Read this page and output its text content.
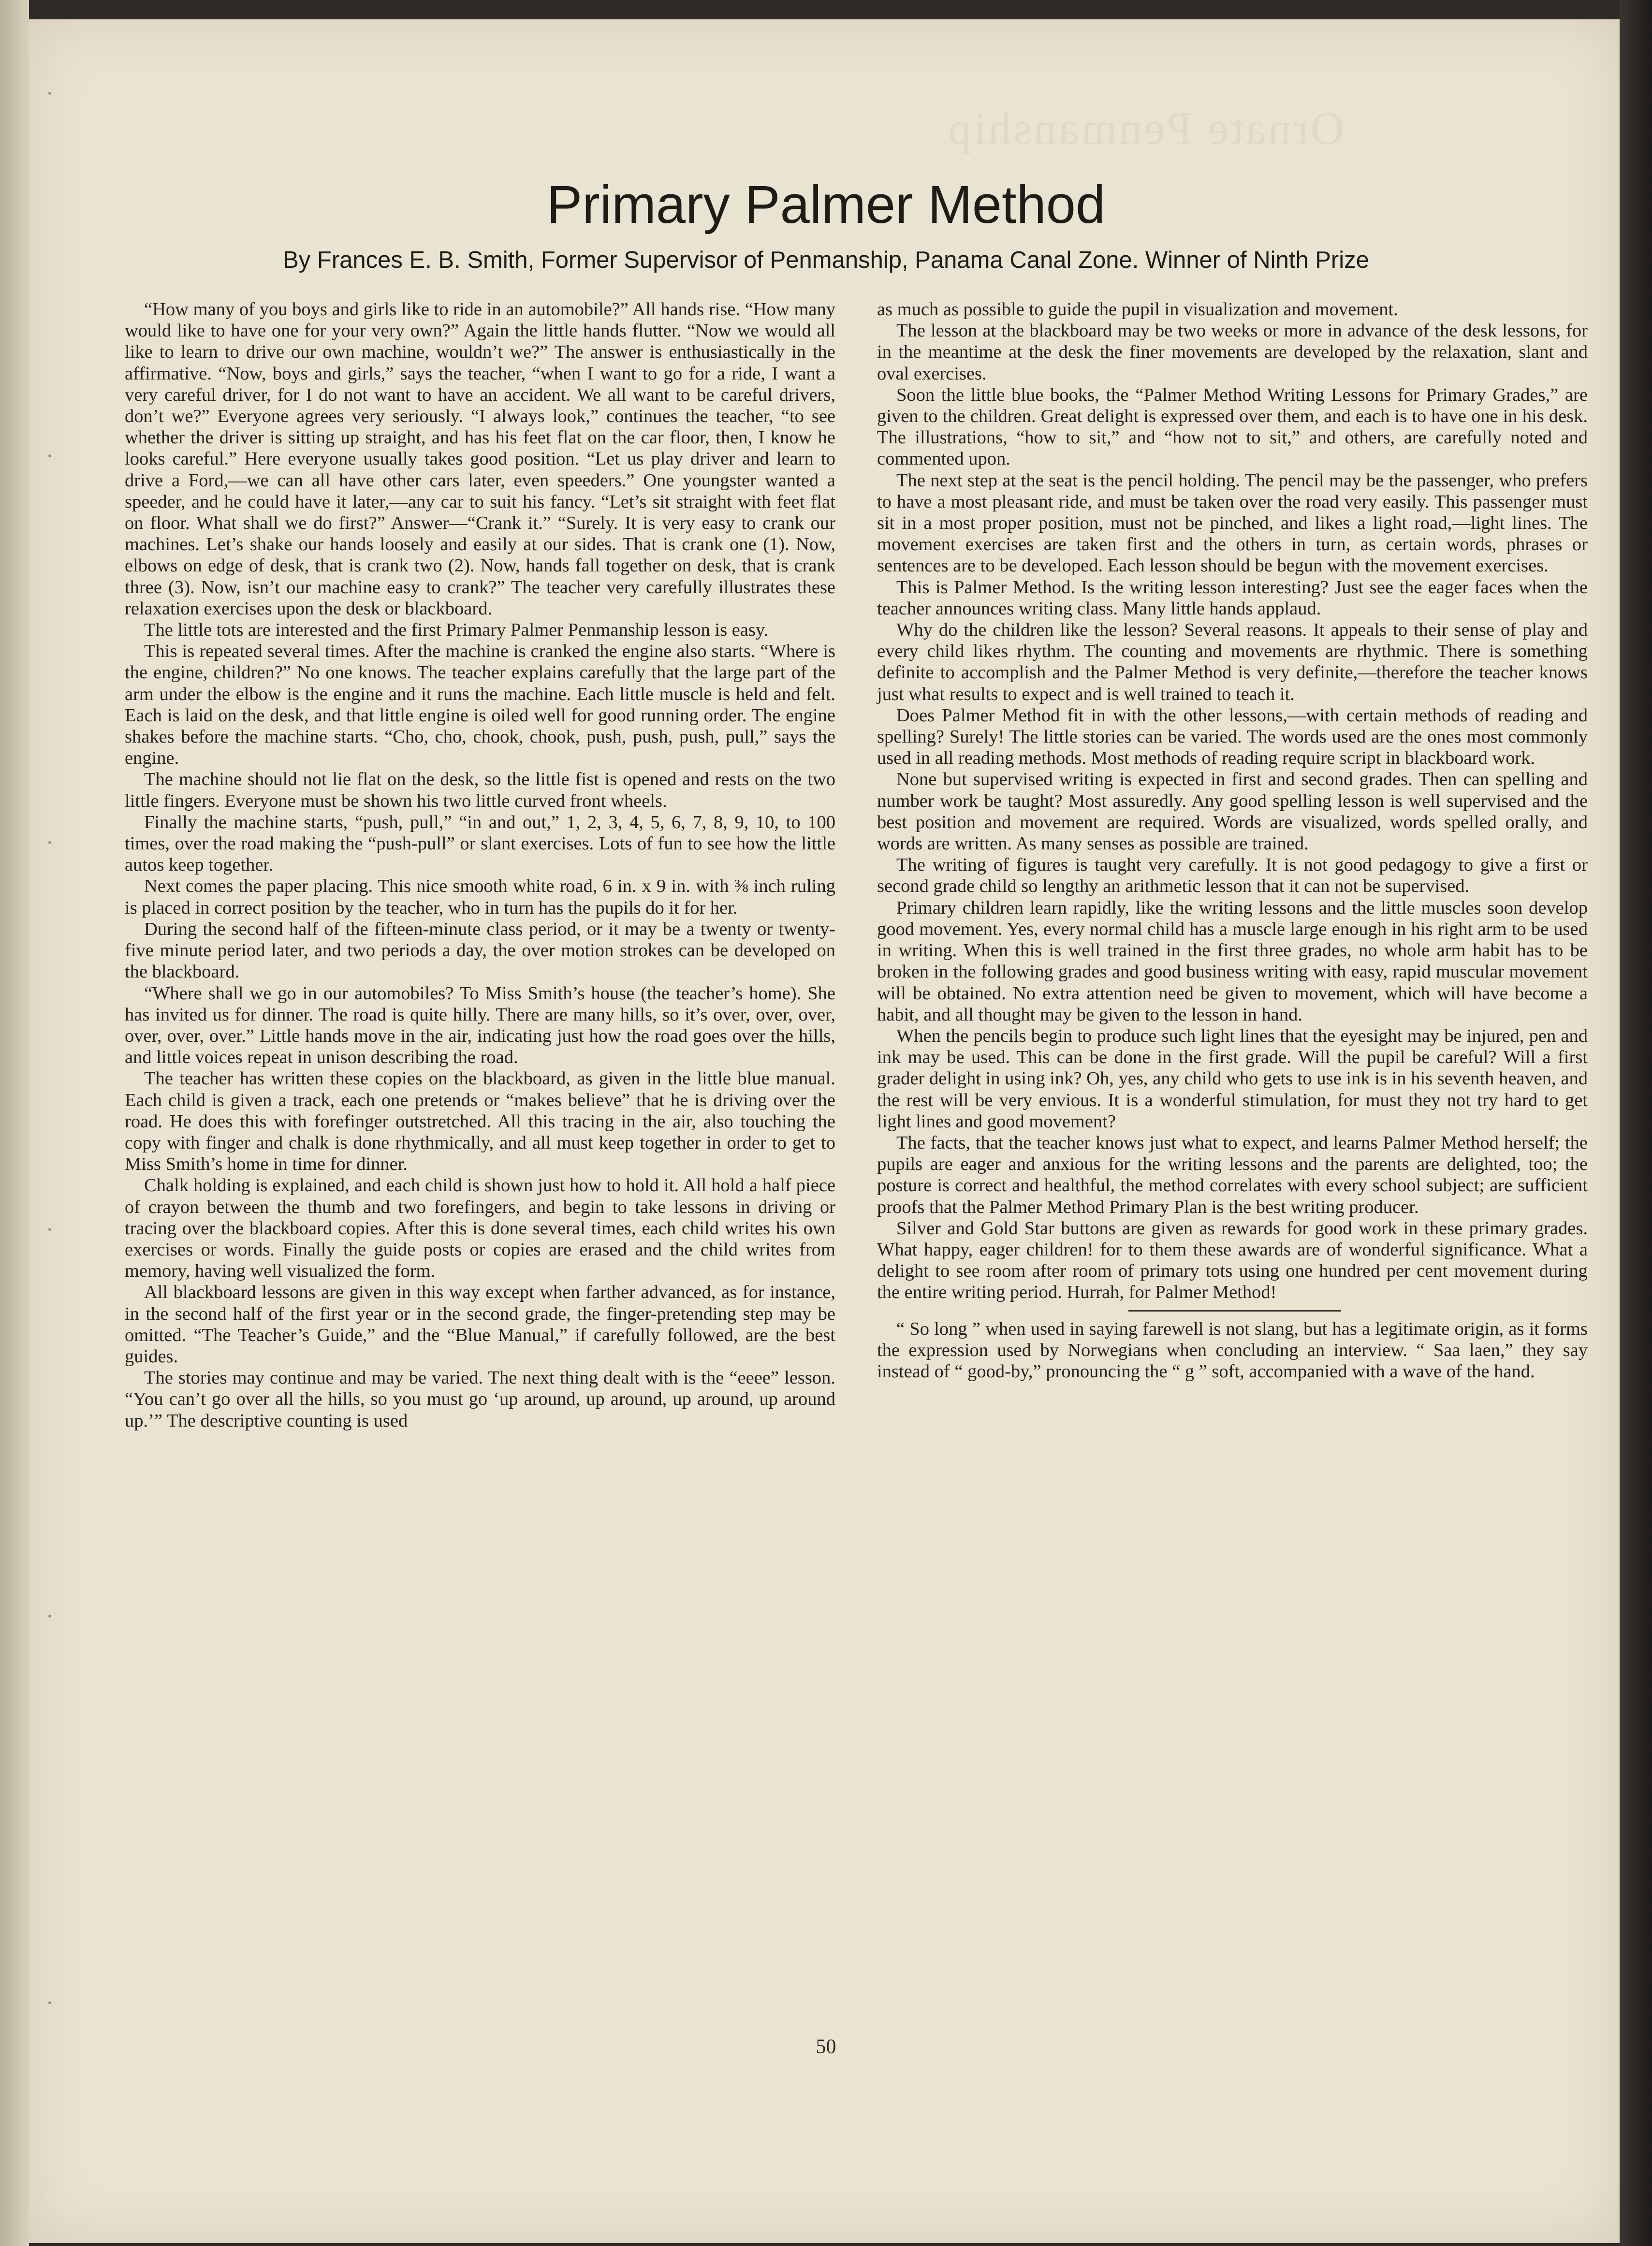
Ornate Penmanship
Primary Palmer Method
By Frances E. B. Smith, Former Supervisor of Penmanship, Panama Canal Zone. Winner of Ninth Prize

“How many of you boys and girls like to ride in an automobile?” All hands rise. “How many would like to have one for your very own?” Again the little hands flutter. “Now we would all like to learn to drive our own machine, wouldn’t we?” The answer is enthusiastically in the affirmative. “Now, boys and girls,” says the teacher, “when I want to go for a ride, I want a very careful driver, for I do not want to have an accident. We all want to be careful drivers, don’t we?” Everyone agrees very seriously. “I always look,” continues the teacher, “to see whether the driver is sitting up straight, and has his feet flat on the car floor, then, I know he looks careful.” Here everyone usually takes good position. “Let us play driver and learn to drive a Ford,—we can all have other cars later, even speeders.” One youngster wanted a speeder, and he could have it later,—any car to suit his fancy. “Let’s sit straight with feet flat on floor. What shall we do first?” Answer—“Crank it.” “Surely. It is very easy to crank our machines. Let’s shake our hands loosely and easily at our sides. That is crank one (1). Now, elbows on edge of desk, that is crank two (2). Now, hands fall together on desk, that is crank three (3). Now, isn’t our machine easy to crank?” The teacher very carefully illustrates these relaxation exercises upon the desk or blackboard.

The little tots are interested and the first Primary Palmer Penmanship lesson is easy.

This is repeated several times. After the machine is cranked the engine also starts. “Where is the engine, children?” No one knows. The teacher explains carefully that the large part of the arm under the elbow is the engine and it runs the machine. Each little muscle is held and felt. Each is laid on the desk, and that little engine is oiled well for good running order. The engine shakes before the machine starts. “Cho, cho, chook, chook, push, push, push, pull,” says the engine.

The machine should not lie flat on the desk, so the little fist is opened and rests on the two little fingers. Everyone must be shown his two little curved front wheels.

Finally the machine starts, “push, pull,” “in and out,” 1, 2, 3, 4, 5, 6, 7, 8, 9, 10, to 100 times, over the road making the “push-pull” or slant exercises. Lots of fun to see how the little autos keep together.

Next comes the paper placing. This nice smooth white road, 6 in. x 9 in. with ⅜ inch ruling is placed in correct position by the teacher, who in turn has the pupils do it for her.

During the second half of the fifteen-minute class period, or it may be a twenty or twenty-five minute period later, and two periods a day, the over motion strokes can be developed on the blackboard.

“Where shall we go in our automobiles? To Miss Smith’s house (the teacher’s home). She has invited us for dinner. The road is quite hilly. There are many hills, so it’s over, over, over, over, over, over.” Little hands move in the air, indicating just how the road goes over the hills, and little voices repeat in unison describing the road.

The teacher has written these copies on the blackboard, as given in the little blue manual. Each child is given a track, each one pretends or “makes believe” that he is driving over the road. He does this with forefinger outstretched. All this tracing in the air, also touching the copy with finger and chalk is done rhythmically, and all must keep together in order to get to Miss Smith’s home in time for dinner.

Chalk holding is explained, and each child is shown just how to hold it. All hold a half piece of crayon between the thumb and two forefingers, and begin to take lessons in driving or tracing over the blackboard copies. After this is done several times, each child writes his own exercises or words. Finally the guide posts or copies are erased and the child writes from memory, having well visualized the form.

All blackboard lessons are given in this way except when farther advanced, as for instance, in the second half of the first year or in the second grade, the finger-pretending step may be omitted. “The Teacher’s Guide,” and the “Blue Manual,” if carefully followed, are the best guides.

The stories may continue and may be varied. The next thing dealt with is the “eeee” lesson. “You can’t go over all the hills, so you must go ‘up around, up around, up around, up around up.’” The descriptive counting is used

as much as possible to guide the pupil in visualization and movement.

The lesson at the blackboard may be two weeks or more in advance of the desk lessons, for in the meantime at the desk the finer movements are developed by the relaxation, slant and oval exercises.

Soon the little blue books, the “Palmer Method Writing Lessons for Primary Grades,” are given to the children. Great delight is expressed over them, and each is to have one in his desk. The illustrations, “how to sit,” and “how not to sit,” and others, are carefully noted and commented upon.

The next step at the seat is the pencil holding. The pencil may be the passenger, who prefers to have a most pleasant ride, and must be taken over the road very easily. This passenger must sit in a most proper position, must not be pinched, and likes a light road,—light lines. The movement exercises are taken first and the others in turn, as certain words, phrases or sentences are to be developed. Each lesson should be begun with the movement exercises.

This is Palmer Method. Is the writing lesson interesting? Just see the eager faces when the teacher announces writing class. Many little hands applaud.

Why do the children like the lesson? Several reasons. It appeals to their sense of play and every child likes rhythm. The counting and movements are rhythmic. There is something definite to accomplish and the Palmer Method is very definite,—therefore the teacher knows just what results to expect and is well trained to teach it.

Does Palmer Method fit in with the other lessons,—with certain methods of reading and spelling? Surely! The little stories can be varied. The words used are the ones most commonly used in all reading methods. Most methods of reading require script in blackboard work.

None but supervised writing is expected in first and second grades. Then can spelling and number work be taught? Most assuredly. Any good spelling lesson is well supervised and the best position and movement are required. Words are visualized, words spelled orally, and words are written. As many senses as possible are trained.

The writing of figures is taught very carefully. It is not good pedagogy to give a first or second grade child so lengthy an arithmetic lesson that it can not be supervised.

Primary children learn rapidly, like the writing lessons and the little muscles soon develop good movement. Yes, every normal child has a muscle large enough in his right arm to be used in writing. When this is well trained in the first three grades, no whole arm habit has to be broken in the following grades and good business writing with easy, rapid muscular movement will be obtained. No extra attention need be given to movement, which will have become a habit, and all thought may be given to the lesson in hand.

When the pencils begin to produce such light lines that the eyesight may be injured, pen and ink may be used. This can be done in the first grade. Will the pupil be careful? Will a first grader delight in using ink? Oh, yes, any child who gets to use ink is in his seventh heaven, and the rest will be very envious. It is a wonderful stimulation, for must they not try hard to get light lines and good movement?

The facts, that the teacher knows just what to expect, and learns Palmer Method herself; the pupils are eager and anxious for the writing lessons and the parents are delighted, too; the posture is correct and healthful, the method correlates with every school subject; are sufficient proofs that the Palmer Method Primary Plan is the best writing producer.

Silver and Gold Star buttons are given as rewards for good work in these primary grades. What happy, eager children! for to them these awards are of wonderful significance. What a delight to see room after room of primary tots using one hundred per cent movement during the entire writing period. Hurrah, for Palmer Method!

“ So long ” when used in saying farewell is not slang, but has a legitimate origin, as it forms the expression used by Norwegians when concluding an interview. “ Saa laen,” they say instead of “ good-by,” pronouncing the “ g ” soft, accompanied with a wave of the hand.

50
